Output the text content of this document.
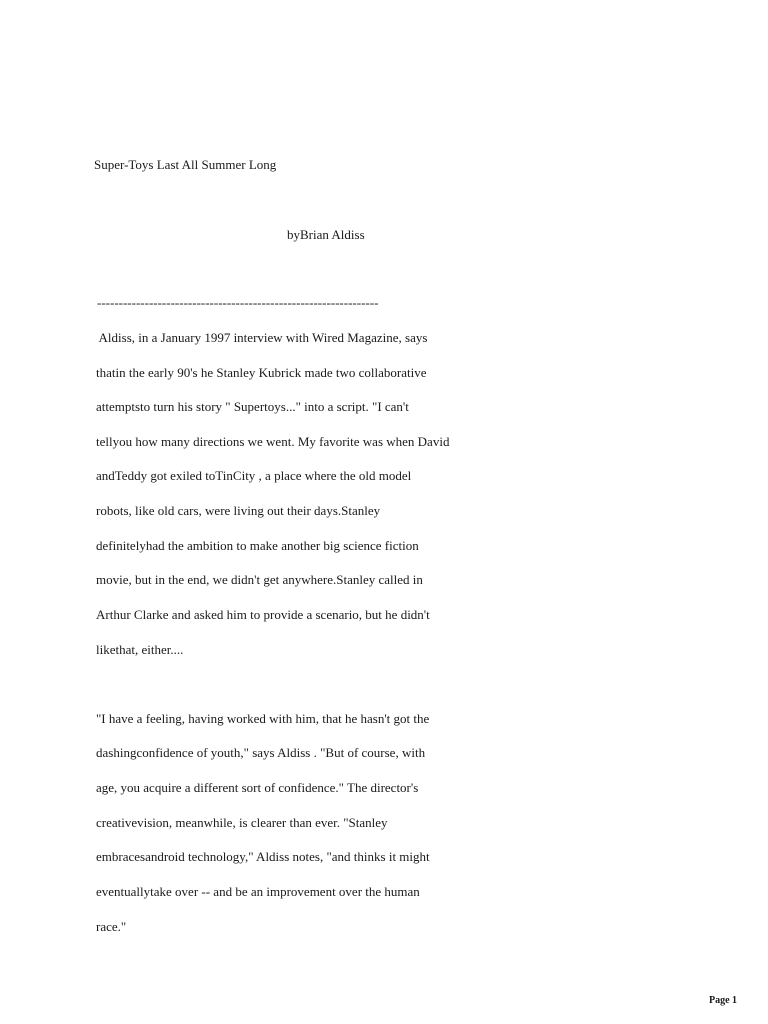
Super-Toys Last All Summer Long

byBrian Aldiss

-----------------------------------------------------------------

Aldiss, in a January 1997 interview with Wired Magazine, says

thatin the early 90's he Stanley Kubrick made two collaborative

attemptsto turn his story " Supertoys..." into a script. "I can't

tellyou how many directions we went. My favorite was when David

andTeddy got exiled toTinCity , a place where the old model

robots, like old cars, were living out their days.Stanley

definitelyhad the ambition to make another big science fiction

movie, but in the end, we didn't get anywhere.Stanley called in

Arthur Clarke and asked him to provide a scenario, but he didn't

likethat, either....

"I have a feeling, having worked with him, that he hasn't got the

dashingconfidence of youth," says Aldiss . "But of course, with

age, you acquire a different sort of confidence." The director's

creativevision, meanwhile, is clearer than ever. "Stanley

embracesandroid technology," Aldiss notes, "and thinks it might

eventuallytake over -- and be an improvement over the human

race."

Page 1
